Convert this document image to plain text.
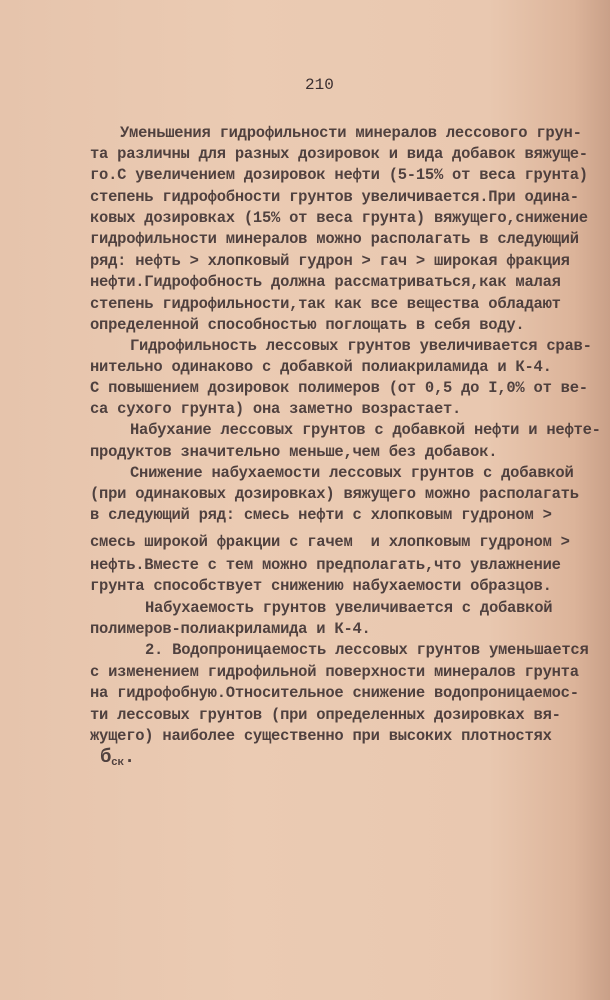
210
Уменьшения гидрофильности минералов лессового грун-
та различны для разных дозировок и вида добавок вяжуще-
го.С увеличением дозировок нефти (5-15% от веса грунта)
степень гидрофобности грунтов увеличивается.При одина-
ковых дозировках (15% от веса грунта) вяжущего,снижение
гидрофильности минералов можно располагать в следующий
ряд: нефть > хлопковый гудрон > гач > широкая фракция
нефти.Гидрофобность должна рассматриваться,как малая
степень гидрофильности,так как все вещества обладают
определенной способностью поглощать в себя воду.
Гидрофильность лессовых грунтов увеличивается срав-
нительно одинаково с добавкой полиакриламида и К-4.
С повышением дозировок полимеров (от 0,5 до I,0% от ве-
са сухого грунта) она заметно возрастает.
Набухание лессовых грунтов с добавкой нефти и нефте-
продуктов значительно меньше,чем без добавок.
Снижение набухаемости лессовых грунтов с добавкой
(при одинаковых дозировках) вяжущего можно располагать
в следующий ряд: смесь нефти с хлопковым гудроном >
смесь широкой фракции с гачем  и хлопковым гудроном >
нефть.Вместе с тем можно предполагать,что увлажнение
грунта способствует снижению набухаемости образцов.
Набухаемость грунтов увеличивается с добавкой
полимеров-полиакриламида и К-4.
2. Водопроницаемость лессовых грунтов уменьшается
с изменением гидрофильной поверхности минералов грунта
на гидрофобную.Относительное снижение водопроницаемос-
ти лессовых грунтов (при определенных дозировках вя-
жущего) наиболее существенно при высоких плотностях
$б_{ск}$.
